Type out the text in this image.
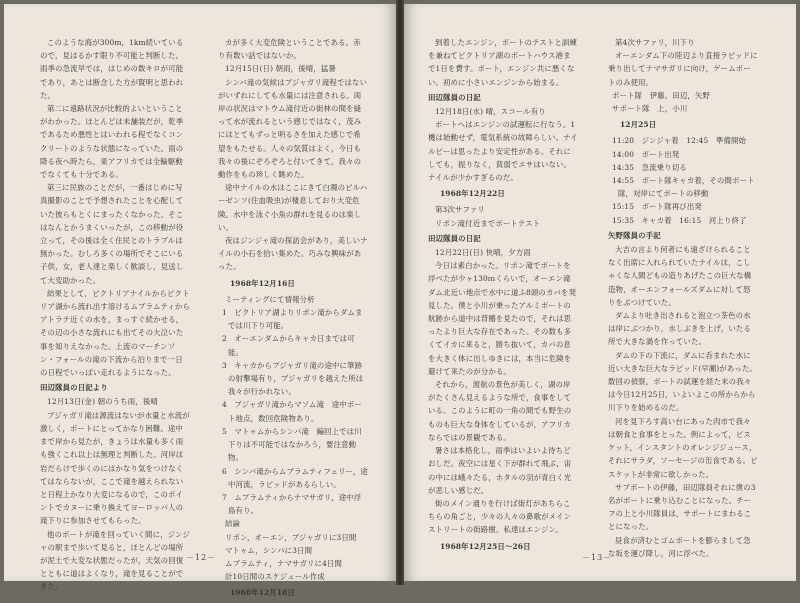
このような海が300m，1km続いているので，見はるかす限り不可能と判断した。雨季の急流旱では，はじめの数キロが可能であり，あとは断念した方が賢明と思われた。

第二に遠路状況が比較的よいということがわかった。ほとんどは未舗装だが，乾季であるため悪性とはいわれる程でなくコンクリートのような状態になっていた。雨の降る夜へ時たら，東アフリカでは全輪駆動でなくても十分である。

第三に民族のことだが，一番はじめに写真撮影のことで予想されたことを心配していた彼らもとくにまったくなかった。そこはなんとかうまくいったが，この移動が役立って，その後は全く住民とのトラブルは無かった。むしろ多くの場所でそこにいる子供，女，老人達と楽しく歓談し，見送して大変助かった。

結果として，ビクトリアナイルからビクトリア湖から流れ出す溶けるムブラムティからアトラテ近くの水を，まっすぐ続かせる，その辺の小さな流れにも出てその大泣いた事を知りえなかった。上流のマーチンソン・フォールの滝の下流から泊りまで一日の日程でいっぱい走れるようになった。

田辺隊員の日記より

12月13日(金) 朝のうち雨，後晴

ブジャガリ滝は源流はないが水量と水流が激しく，ボートにとってかなり困難。途中まで岸から見たが，きょうは水量も多く雨も強くこれ以上は無理と判断した。河岸は岩だらけで歩くのにはかなり気をつけなくてはならないが，ここで滝を越えられないと日程上かなり大変になるので，このポイントでカヌーに乗り換えてヨーロッパ人の滝下りに参加させてもらった。

他のボートが滝を回っていく間に，ジンジャの駅まで歩いて見ると，ほとんどの場所が泥土で大変な状態だったが，天気の回復とともに道はよくなり，滝を見ることができた。

カが多く大変危険ということである。赤り有数い話ではないか。

12月15日(日) 朝雨，後晴，猛暑

シンバ滝の気候はブジャガリ滝程ではないがいずれにしても水量には注意される。両岸の状況はマトウム滝付近の街林の間を縫って水が流れるという感じではなく，茂みにはとてもずっと明るさを加えた感じで希望をもたせる。人々の気質はよく，今日も我々の後にぞろぞろと付いてきて，我々の動作をもの珍しく眺めた。

途中ナイルの水はここにきて白濁のビルハーゼンソ(住血吸虫)が棲息しており大変危険。水中を泳ぐ小魚の群れを見るのは楽しい。

夜はジンジャ滝の探訪会があり，美しいナイルの小石を拾い集めた。巧みな興味があった。

1968年12月16日

ミーティングにて情報分析

1　ビクトリア湖よりリポン滝からダムまでは川下り可能。

2　オーエンダムからキャカ日までは可能。

3　キャカからブジャガリ滝の途中に筆跡の射撃場有り，ブジャガリを越えた所は我々が行かれない。

4　ブジャガリ滝からマソム滝　途中ボート地点，数回危険物あり。

5　マトゥムからシンバ滝　編回上では川下りは不可能ではなかろう，要注意動物。

6　シンバ滝からムブラムティフェリー，途中河流，ラピッドがあるらしい。

7　ムブラムティからナマサガリ，途中浮島有り。

結論

リポン，オーエン，ブジャガリに3日間

マトゥム，シンバに3日間

ムブラムティ，ナマサガリに4日間

計10日間のスケジュール作成

1968年12月18日

－12－

到着したエンジン，ボートのテストと訓練を兼ねてビクトリア湖のボートハウス港まで1日を費す。ボート，エンジン共に悪くない。初めに小さいエンジンから始まる。

田辺隊員の日記

12月18日(水) 晴，スコール有り

ボートへはエンジンの試運転に行なう。1機は始動せず，電気系統の故障らしい。ナイルビーは思ったより安定性がある。それにしても，振りなく，貧弱でエサはいない。ナイルが少かすぎるのだ。

1968年12月22日

第3次サファリ

リポン滝付近までボートテスト

田辺隊員の日記

12月22日(日) 快晴，夕方雨

今日は素白かった。リポン滝でボートを浮べたが少ヶ130ｍくらいで，オーエン滝ダム北近い地点で水中に道ふ8頭のカバを発見した。僕と小川が乗ったアルミボートの航跡から道中は背鰭を見たので，それは思ったより巨大な存在であった。その数も多くてイカに来ると，勝ち抜いて，カバの息を大きく体に出しゆきには，本当に危険を避けて来たのが分かる。

それから，渡航の景色が美しく，湖の岸がたくさん見えるような所で，食事をしている。このように町の一角の間でも野生のものも巨大な身体をしているが，アフリカならではの景観である。

暑さは本格化し，雨季はいよいよ待ちどおしだ。夜空には星く下が群れて飛ぶ，宙の中には峨々たる，ホタルの羽が青白く光が悲しい感じだ。

街のメイン通りを行けば街灯があちらこちらの角ごと，少々の人々の鼻歌がメインストリートの街路樹。私達はエンジン。

1968年12月25日〜26日

第4次サファリ，川下り

オーエンダム下の陸辺より直接ラピッドに乗り出してナマサガリに向け，ゲームボートのみ使用。

ボート隊　伊藤，田辺，矢野

サポート隊　上，小川

12月25日

11:20　ジンジャ着　12:45　準備開始

14:00　ボート出発

14:35　急流乗り切る

14:55　ボート隊キャカ着，その間ボート隊，対岸にてボートの移動

15:15　ボート隊再び出発

15:35　キャカ着　16:15　河上り終了

矢野隊員の手記

大吉の言より何者にも遠ざけられることなく出席に入れられていたナイルは，こしゃくな人間どもの造りあげたこの巨大な構造物，オーエンフォールズダムに対して怒りをぶつけていた。

ダムより吐き出されると泡立つ茶色の水は岸にぶつかり，水しぶきを上げ，いたる所で大きな渦を作っていた。

ダムの下の下流に，ダムに呑まれた水に近い大きな巨大なラピッド(早瀬)があった。数回の偵察，ボートの試運を経た末の我々は今日12月25日，いよいよこの所からから川下りを始めるのだ。

河を見下ろす高い台にあった肉市で我々は朝食と食事をとった。例によって，ビスケット，インスタントのオレンジジュース，それにサラダ，ソーセージの缶食である。ビスケットが非常に欲しかった。

サブボートの伊藤，田辺隊員それに僕の3名がボートに乗り込むことになった。チーフの上と小川隊員は，サポートにまわることになった。

昼食が済むとゴムボートを膨らまして急な坂を運び降し，河に浮べた。

－13－
